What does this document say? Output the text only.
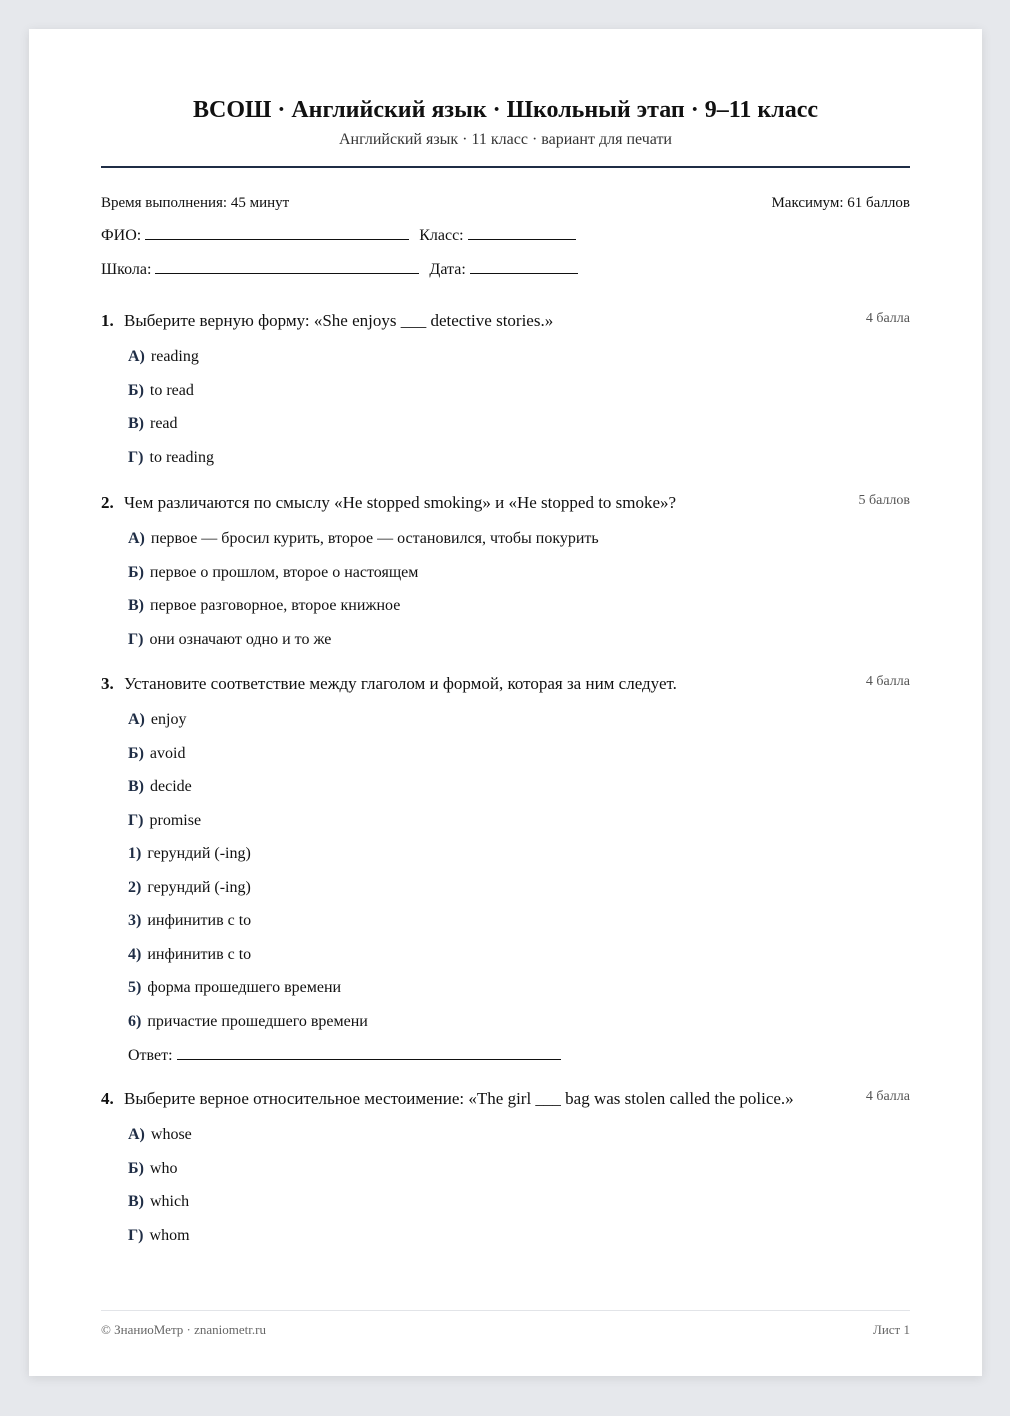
ВСОШ · Английский язык · Школьный этап · 9–11 класс
Английский язык · 11 класс · вариант для печати
Время выполнения: 45 минут	Максимум: 61 баллов
ФИО:	Класс:
Школа:	Дата:
1. Выберите верную форму: «She enjoys ___ detective stories.»	4 балла
А) reading
Б) to read
В) read
Г) to reading
2. Чем различаются по смыслу «He stopped smoking» и «He stopped to smoke»?	5 баллов
А) первое — бросил курить, второе — остановился, чтобы покурить
Б) первое о прошлом, второе о настоящем
В) первое разговорное, второе книжное
Г) они означают одно и то же
3. Установите соответствие между глаголом и формой, которая за ним следует.	4 балла
А) enjoy
Б) avoid
В) decide
Г) promise
1) герундий (-ing)
2) герундий (-ing)
3) инфинитив с to
4) инфинитив с to
5) форма прошедшего времени
6) причастие прошедшего времени
Ответ:
4. Выберите верное относительное местоимение: «The girl ___ bag was stolen called the police.»	4 балла
А) whose
Б) who
В) which
Г) whom
© ЗнаниоМетр · znaniometr.ru	Лист 1
